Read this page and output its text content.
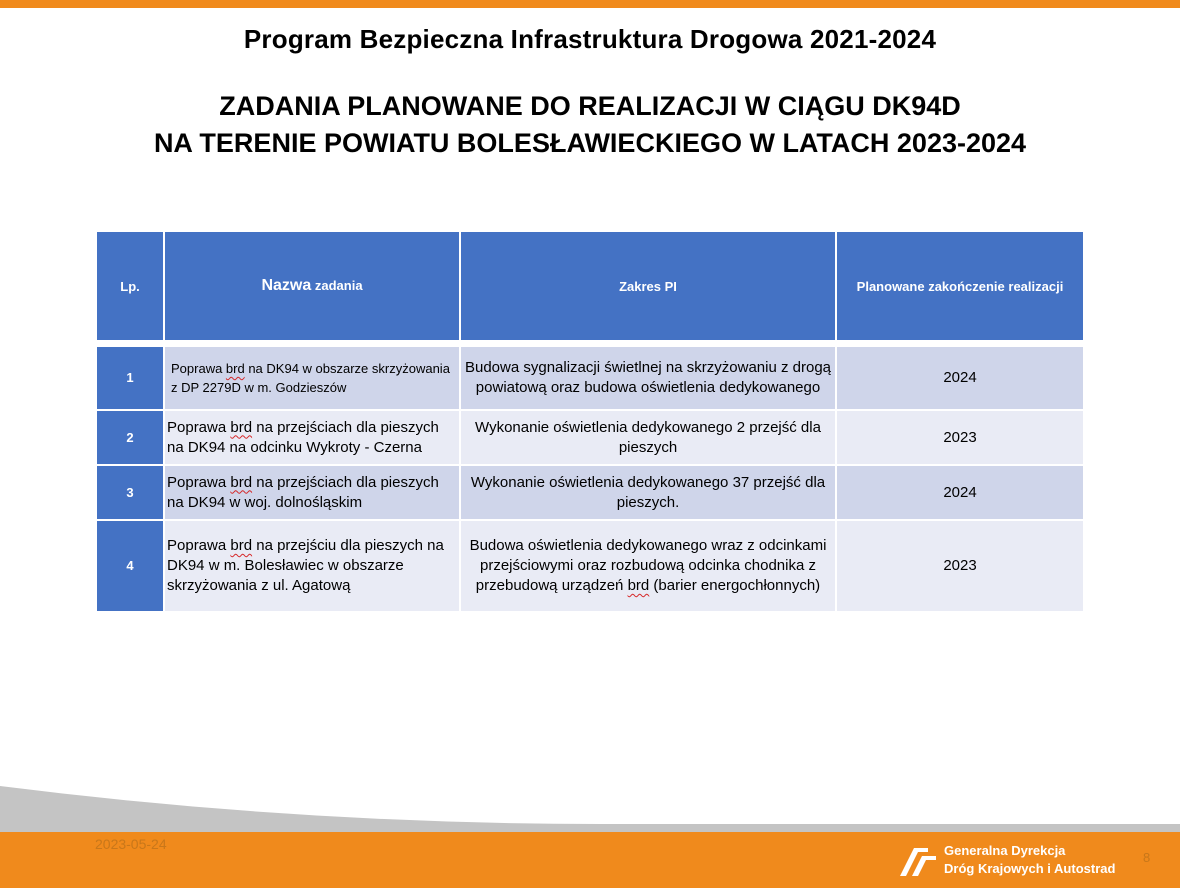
Program Bezpieczna Infrastruktura Drogowa 2021-2024
ZADANIA PLANOWANE DO REALIZACJI W CIĄGU DK94D
NA TERENIE POWIATU BOLESŁAWIECKIEGO W LATACH 2023-2024
Lp.	Nazwa zadania	Zakres PI	Planowane zakończenie realizacji

1	Poprawa brd na DK94 w obszarze skrzyżowania z DP 2279D w m. Godzieszów	Budowa sygnalizacji świetlnej na skrzyżowaniu z drogą powiatową oraz budowa oświetlenia dedykowanego	2024
2	Poprawa brd na przejściach dla pieszych na DK94 na odcinku Wykroty - Czerna	Wykonanie oświetlenia dedykowanego 2 przejść dla pieszych	2023
3	Poprawa brd na przejściach dla pieszych na DK94 w woj. dolnośląskim	Wykonanie oświetlenia dedykowanego 37 przejść dla pieszych.	2024
4	Poprawa brd na przejściu dla pieszych na DK94 w m. Bolesławiec w obszarze skrzyżowania z ul. Agatową	Budowa oświetlenia dedykowanego wraz z odcinkami przejściowymi oraz rozbudową odcinka chodnika z przebudową urządzeń brd (barier energochłonnych)	2023
2023-05-24	Generalna Dyrekcja
Dróg Krajowych i Autostrad
8
